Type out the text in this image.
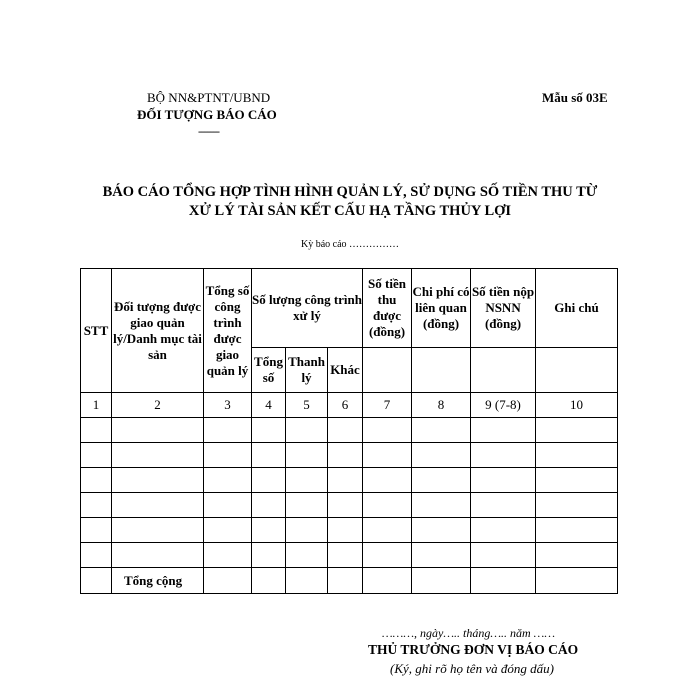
BỘ NN&PTNT/UBND
ĐỐI TƯỢNG BÁO CÁO
-------
Mẫu số 03E
BÁO CÁO TỔNG HỢP TÌNH HÌNH QUẢN LÝ, SỬ DỤNG SỐ TIỀN THU TỪ
XỬ LÝ TÀI SẢN KẾT CẤU HẠ TẦNG THỦY LỢI
Kỳ báo cáo ……………
STT	Đối tượng được giao quản lý/Danh mục tài sản	Tổng số công trình được giao quản lý	Số lượng công trình xử lý			Số tiền thu được (đồng)	Chi phí có liên quan (đồng)	Số tiền nộp NSNN (đồng)	Ghi chú
			Tổng số	Thanh lý	Khác				
1	2	3	4	5	6	7	8	9 (7-8)	10

	Tổng cộng								
………, ngày….. tháng….. năm ……
THỦ TRƯỞNG ĐƠN VỊ BÁO CÁO
(Ký, ghi rõ họ tên và đóng dấu)
